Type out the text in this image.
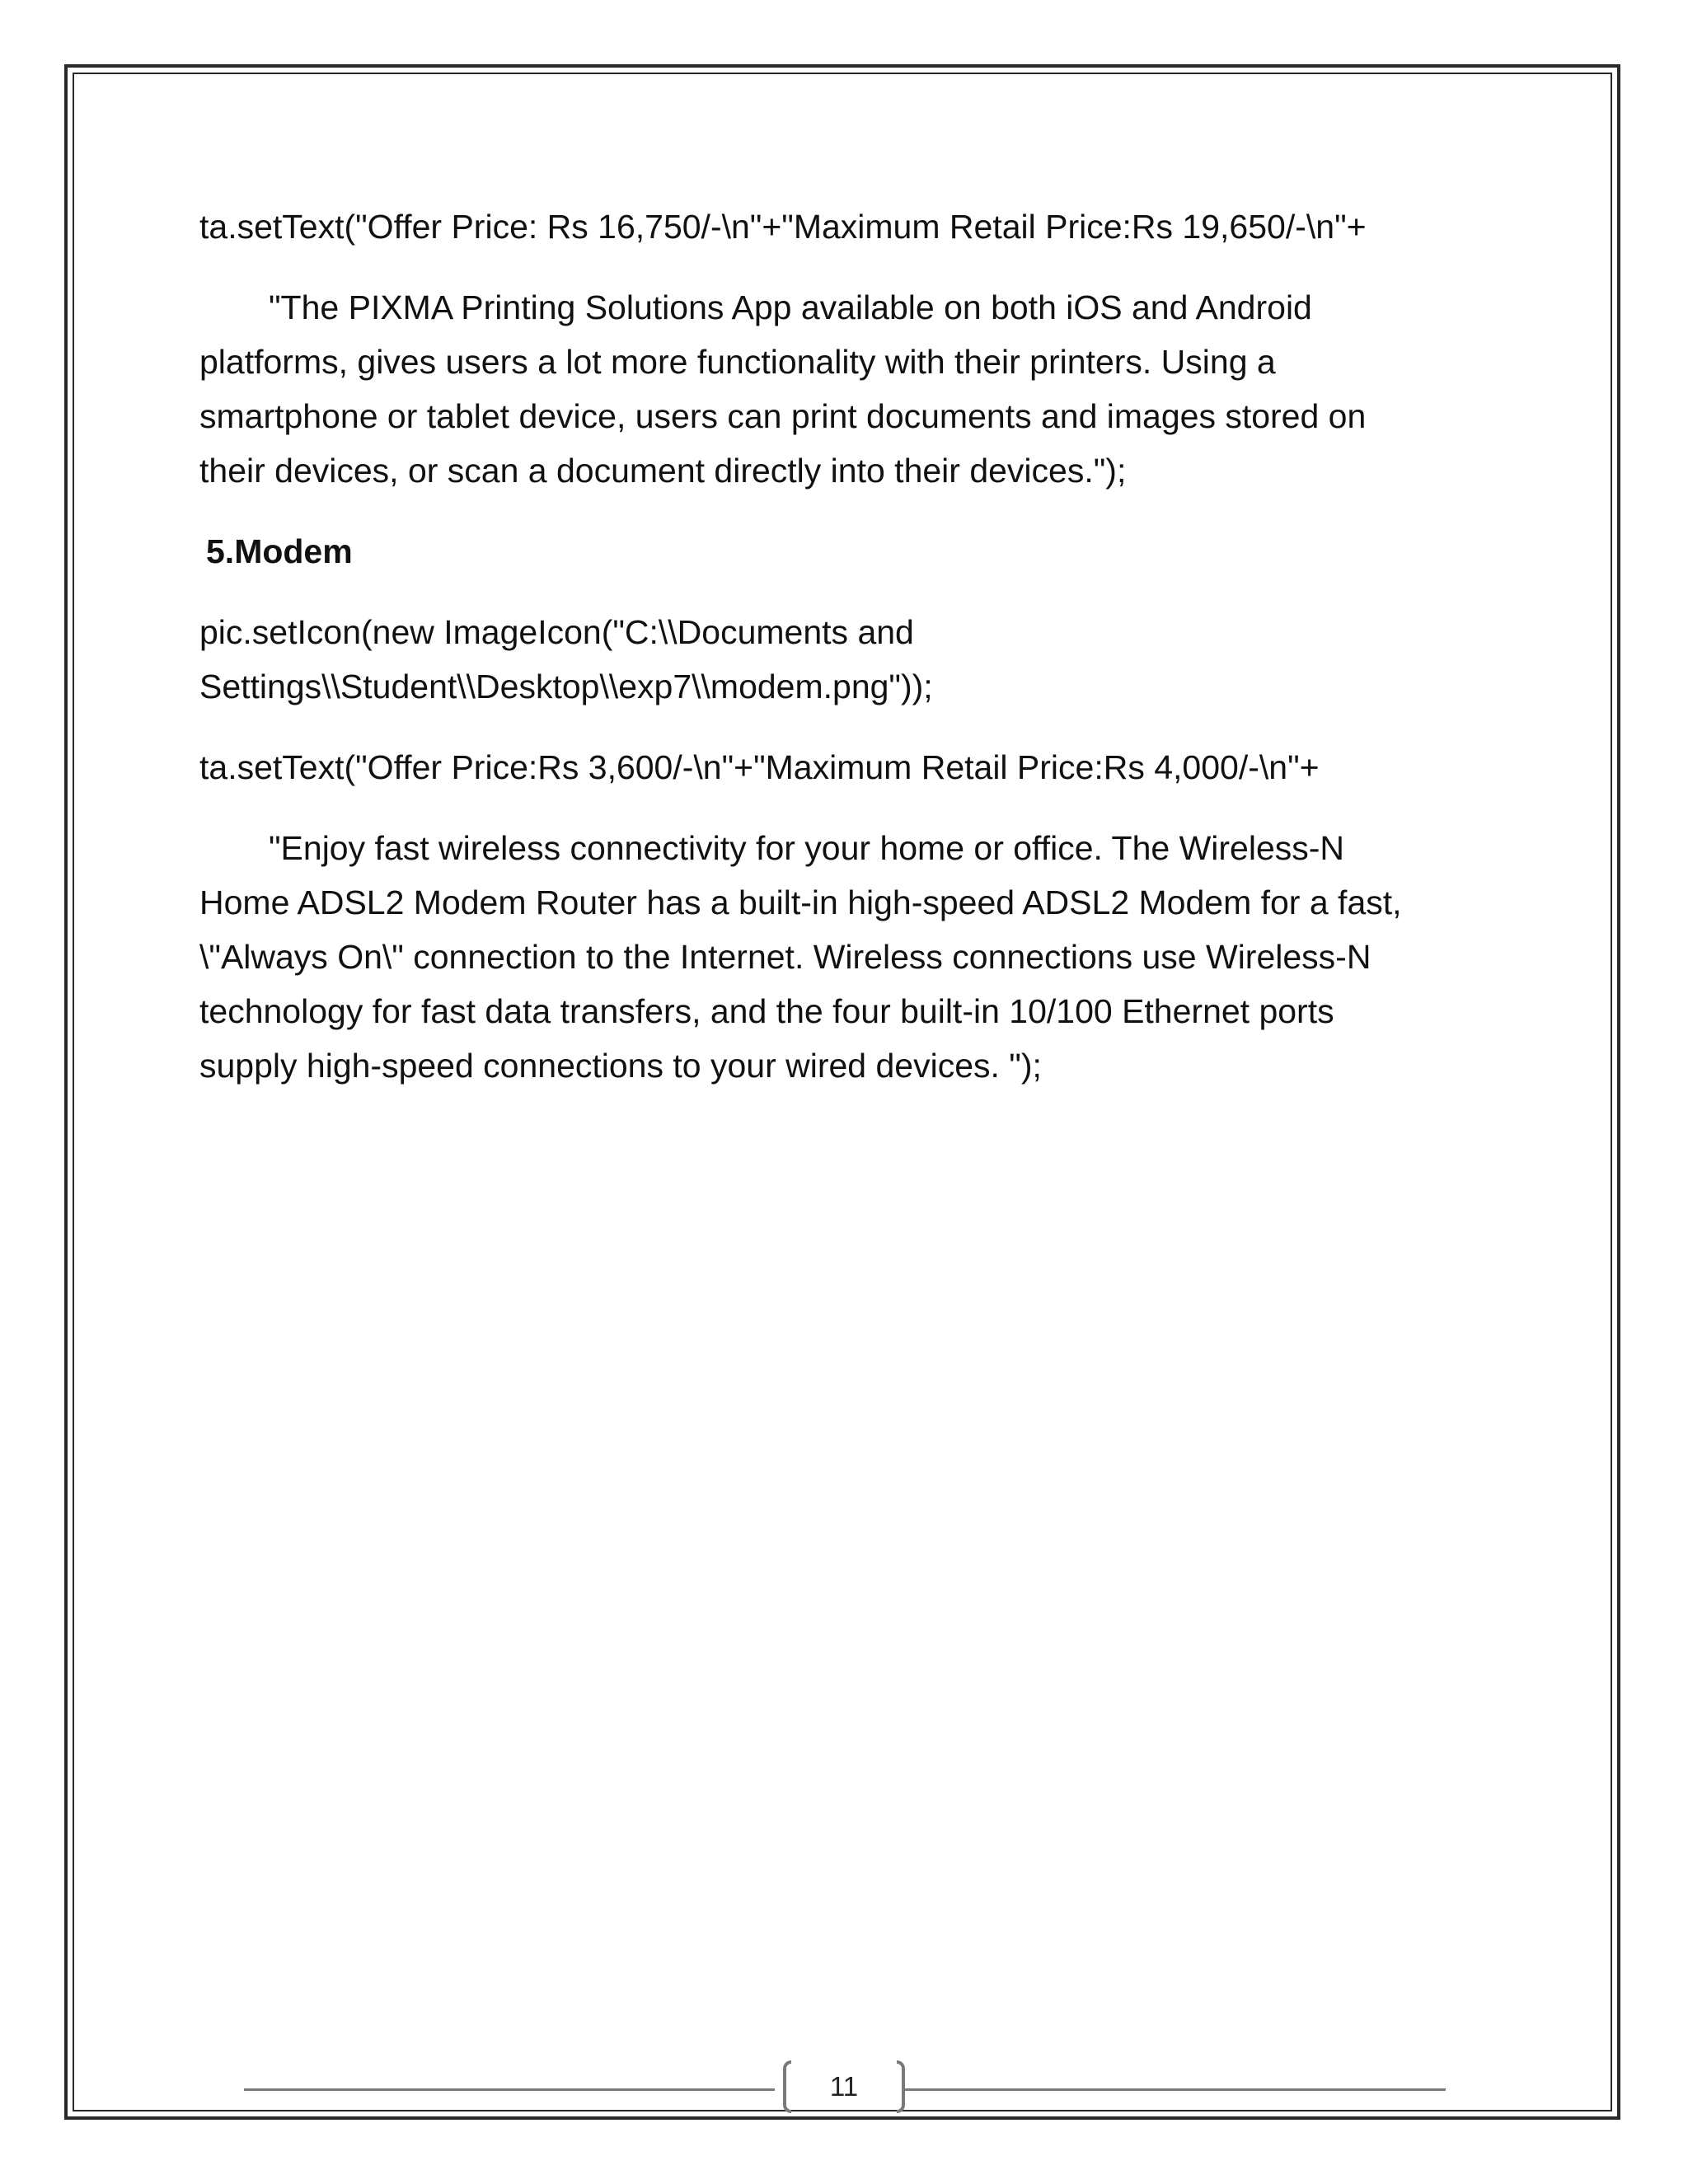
ta.setText("Offer Price: Rs 16,750/-\n"+"Maximum Retail Price:Rs 19,650/-\n"+

"The PIXMA Printing Solutions App available on both iOS and Android
platforms, gives users a lot more functionality with their printers. Using a
smartphone or tablet device, users can print documents and images stored on
their devices, or scan a document directly into their devices.");

5.Modem

pic.setIcon(new ImageIcon("C:\\Documents and
Settings\\Student\\Desktop\\exp7\\modem.png"));

ta.setText("Offer Price:Rs 3,600/-\n"+"Maximum Retail Price:Rs 4,000/-\n"+

"Enjoy fast wireless connectivity for your home or office. The Wireless-N
Home ADSL2 Modem Router has a built-in high-speed ADSL2 Modem for a fast,
\"Always On\" connection to the Internet. Wireless connections use Wireless-N
technology for fast data transfers, and the four built-in 10/100 Ethernet ports
supply high-speed connections to your wired devices. ");

11
